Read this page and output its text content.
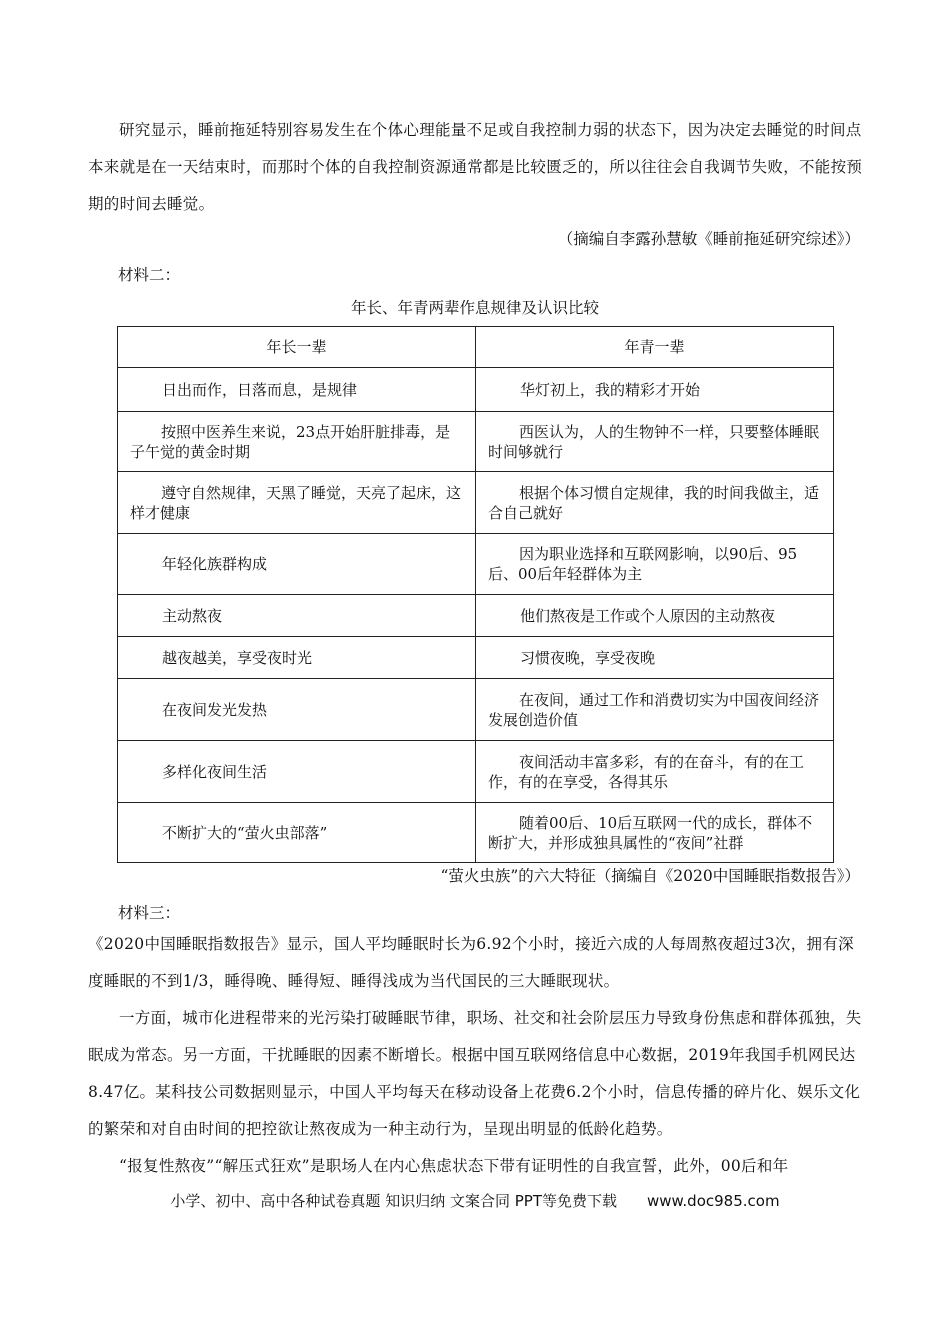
研究显示，睡前拖延特别容易发生在个体心理能量不足或自我控制力弱的状态下，因为决定去睡觉的时间点本来就是在一天结束时，而那时个体的自我控制资源通常都是比较匮乏的，所以往往会自我调节失败，不能按预期的时间去睡觉。

（摘编自李露孙慧敏《睡前拖延研究综述》）
材料二：
年长、年青两辈作息规律及认识比较
年长一辈	年青一辈
日出而作，日落而息，是规律	华灯初上，我的精彩才开始

按照中医养生来说，23点开始肝脏排毒，是子午觉的黄金时期	西医认为，人的生物钟不一样，只要整体睡眠时间够就行

遵守自然规律，天黑了睡觉，天亮了起床，这样才健康	根据个体习惯自定规律，我的时间我做主，适合自己就好

年轻化族群构成	因为职业选择和互联网影响，以90后、95后、00后年轻群体为主

主动熬夜	他们熬夜是工作或个人原因的主动熬夜
越夜越美，享受夜时光	习惯夜晚，享受夜晚
在夜间发光发热	在夜间，通过工作和消费切实为中国夜间经济发展创造价值

多样化夜间生活	夜间活动丰富多彩，有的在奋斗，有的在工作，有的在享受，各得其乐

不断扩大的“萤火虫部落”	随着00后、10后互联网一代的成长，群体不断扩大，并形成独具属性的“夜间”社群
“萤火虫族”的六大特征（摘编自《2020中国睡眠指数报告》）
材料三：

《2020中国睡眠指数报告》显示，国人平均睡眠时长为6.92个小时，接近六成的人每周熬夜超过3次，拥有深度睡眠的不到1/3，睡得晚、睡得短、睡得浅成为当代国民的三大睡眠现状。

一方面，城市化进程带来的光污染打破睡眠节律，职场、社交和社会阶层压力导致身份焦虑和群体孤独，失眠成为常态。另一方面，干扰睡眠的因素不断增长。根据中国互联网络信息中心数据，2019年我国手机网民达8.47亿。某科技公司数据则显示，中国人平均每天在移动设备上花费6.2个小时，信息传播的碎片化、娱乐文化的繁荣和对自由时间的把控欲让熬夜成为一种主动行为，呈现出明显的低龄化趋势。

“报复性熬夜”“解压式狂欢”是职场人在内心焦虑状态下带有证明性的自我宣誓，此外，00后和年

小学、初中、高中各种试卷真题 知识归纳 文案合同 PPT等免费下载 www.doc985.com
